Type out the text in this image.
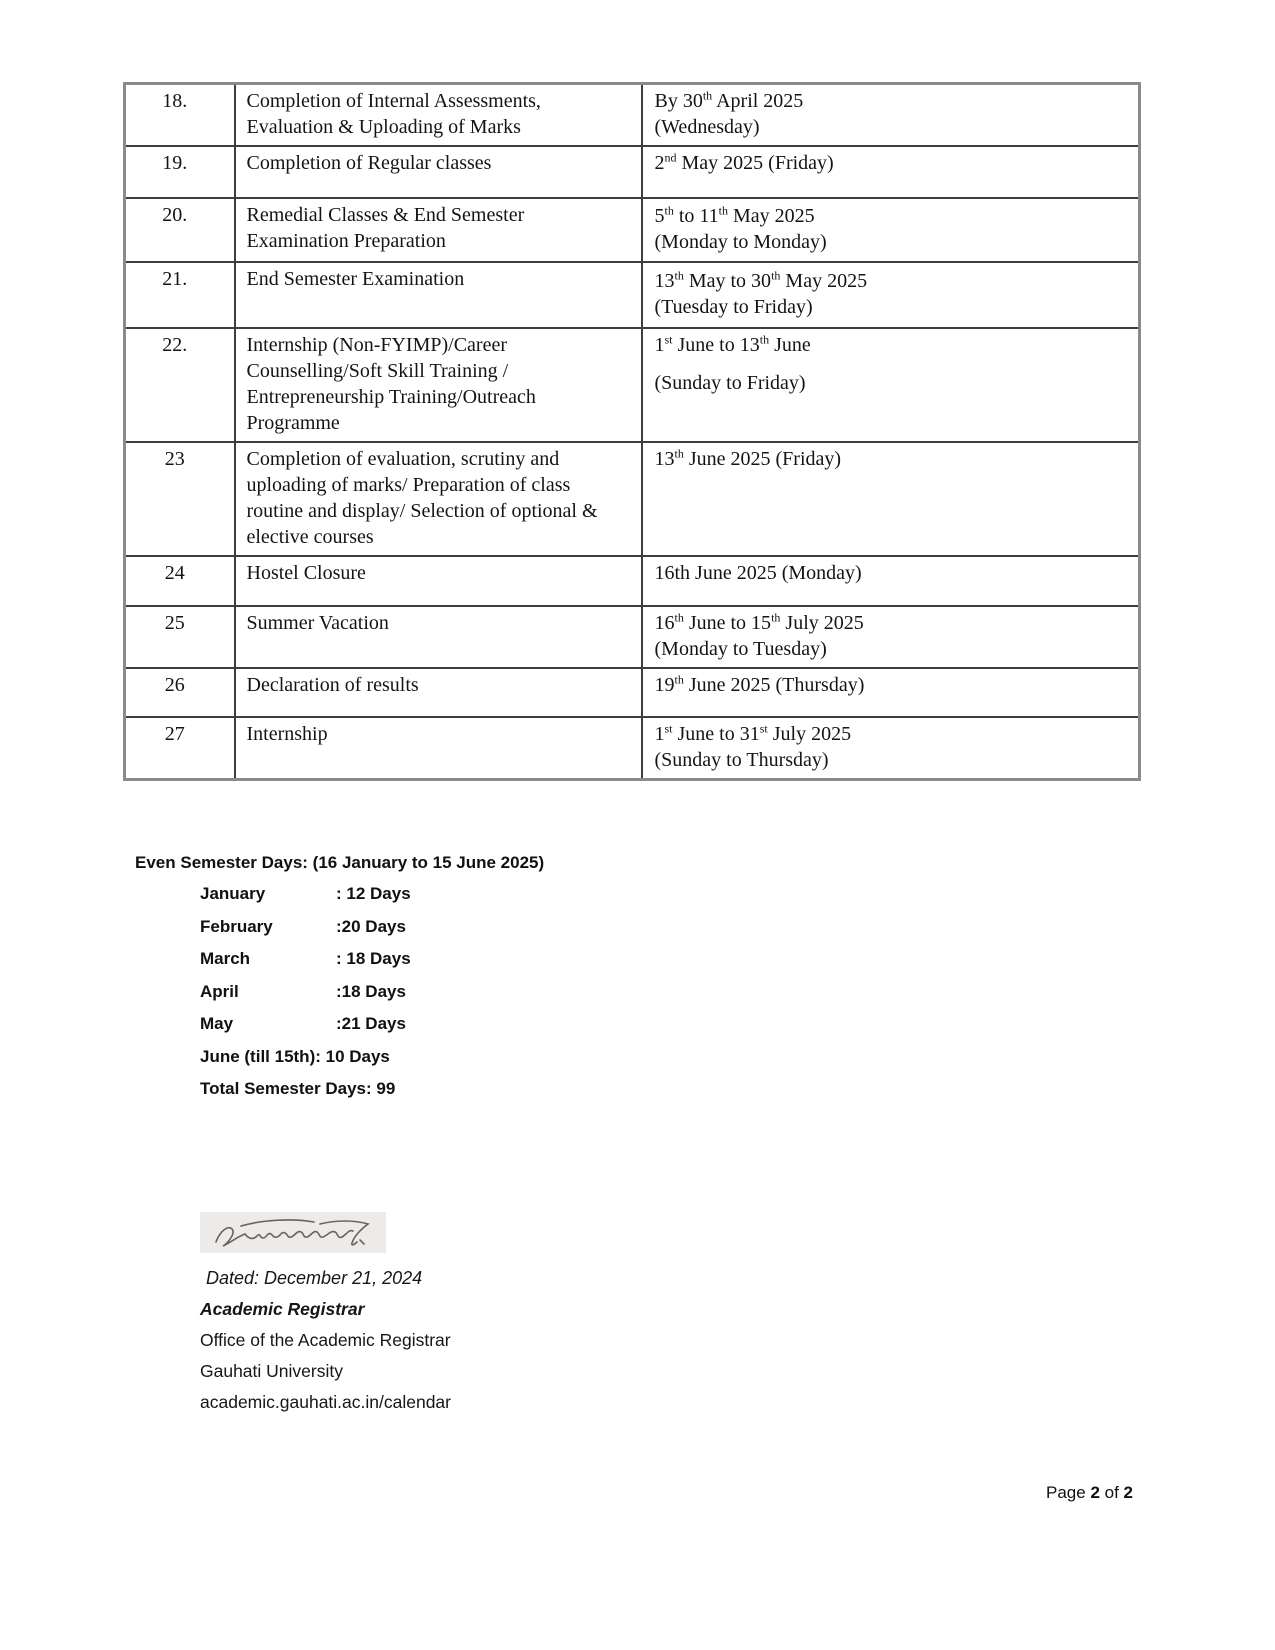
18.	Completion of Internal Assessments, Evaluation & Uploading of Marks	By 30th April 2025
(Wednesday)

19.	Completion of Regular classes	2nd May 2025 (Friday)

20.	Remedial Classes & End Semester Examination Preparation	5th to 11th May 2025
(Monday to Monday)

21.	End Semester Examination	13th May to 30th May 2025
(Tuesday to Friday)

22.	Internship (Non-FYIMP)/Career Counselling/Soft Skill Training / Entrepreneurship Training/Outreach Programme	1st June to 13th June
(Sunday to Friday)

23	Completion of evaluation, scrutiny and uploading of marks/ Preparation of class routine and display/ Selection of optional & elective courses	13th June 2025 (Friday)

24	Hostel Closure	16th June 2025 (Monday)

25	Summer Vacation	16th June to 15th July 2025
(Monday to Tuesday)

26	Declaration of results	19th June 2025 (Thursday)

27	Internship	1st June to 31st July 2025
(Sunday to Thursday)
Even Semester Days: (16 January to 15 June 2025)
January	: 12 Days
February	:20 Days
March	: 18 Days
April	:18 Days
May	:21 Days
June (till 15th): 10 Days
Total Semester Days: 99
Dated: December 21, 2024
Academic Registrar
Office of the Academic Registrar
Gauhati University
academic.gauhati.ac.in/calendar
Page 2 of 2
